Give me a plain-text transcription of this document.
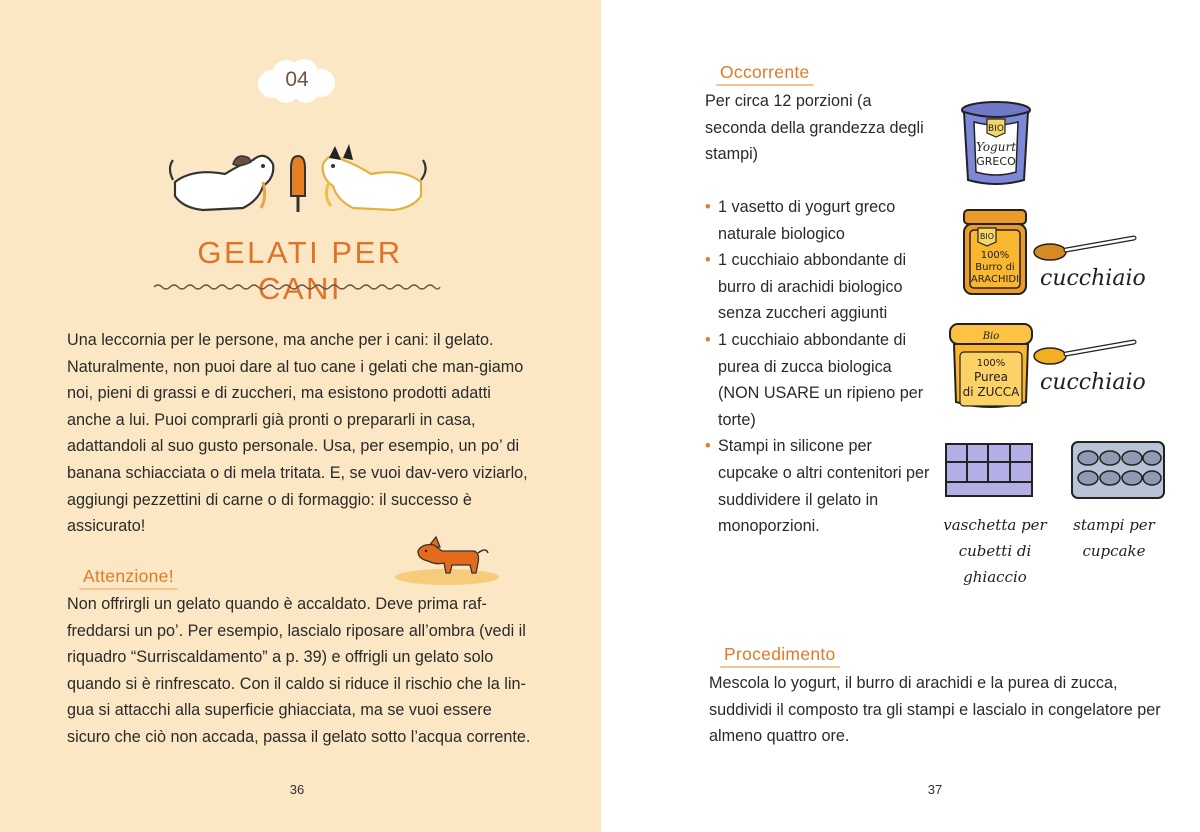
04
GELATI PER CANI

Una leccornia per le persone, ma anche per i cani: il gelato. Naturalmente, non puoi dare al tuo cane i gelati che man-giamo noi, pieni di grassi e di zuccheri, ma esistono prodotti adatti anche a lui. Puoi comprarli già pronti o prepararli in casa, adattandoli al suo gusto personale. Usa, per esempio, un po’ di banana schiacciata o di mela tritata. E, se vuoi dav-vero viziarlo, aggiungi pezzettini di carne o di formaggio: il successo è assicurato!

Attenzione!

Non offrirgli un gelato quando è accaldato. Deve prima raf-freddarsi un po’. Per esempio, lascialo riposare all’ombra (vedi il riquadro “Surriscaldamento” a p. 39) e offrigli un gelato solo quando si è rinfrescato. Con il caldo si riduce il rischio che la lin-gua si attacchi alla superficie ghiacciata, ma se vuoi essere sicuro che ciò non accada, passa il gelato sotto l’acqua corrente.

36
Occorrente

Per circa 12 porzioni (a seconda della grandezza degli stampi)

• 1 vasetto di yogurt greco naturale biologico
• 1 cucchiaio abbondante di burro di arachidi biologico senza zuccheri aggiunti
• 1 cucchiaio abbondante di purea di zucca biologica (NON USARE un ripieno per torte)
• Stampi in silicone per cupcake o altri contenitori per suddividere il gelato in monoporzioni.
BIO
Yogurt
GRECO
BIO
100%
Burro di
ARACHIDI cucchiaio
Bio
100%
Purea
di ZUCCA cucchiaio
vaschetta per cubetti di ghiaccio
stampi per cupcake
Procedimento

Mescola lo yogurt, il burro di arachidi e la purea di zucca, suddividi il composto tra gli stampi e lascialo in congelatore per almeno quattro ore.

37
